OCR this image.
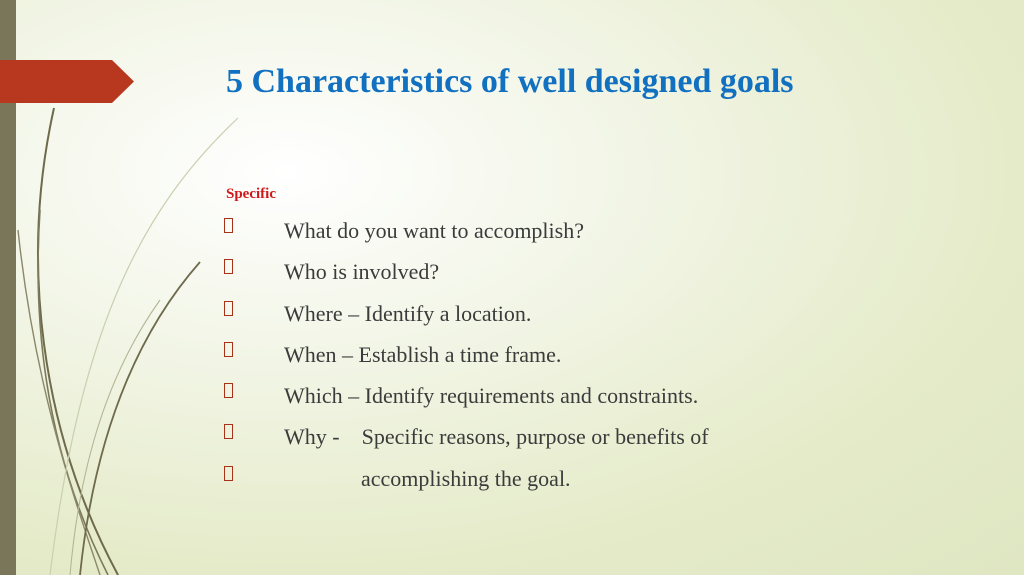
5 Characteristics of well designed goals
Specific
What do you want to accomplish?
Who is involved?
Where – Identify a location.
When – Establish a time frame.
Which – Identify requirements and constraints.
Why -    Specific reasons, purpose or benefits of
accomplishing the goal.
